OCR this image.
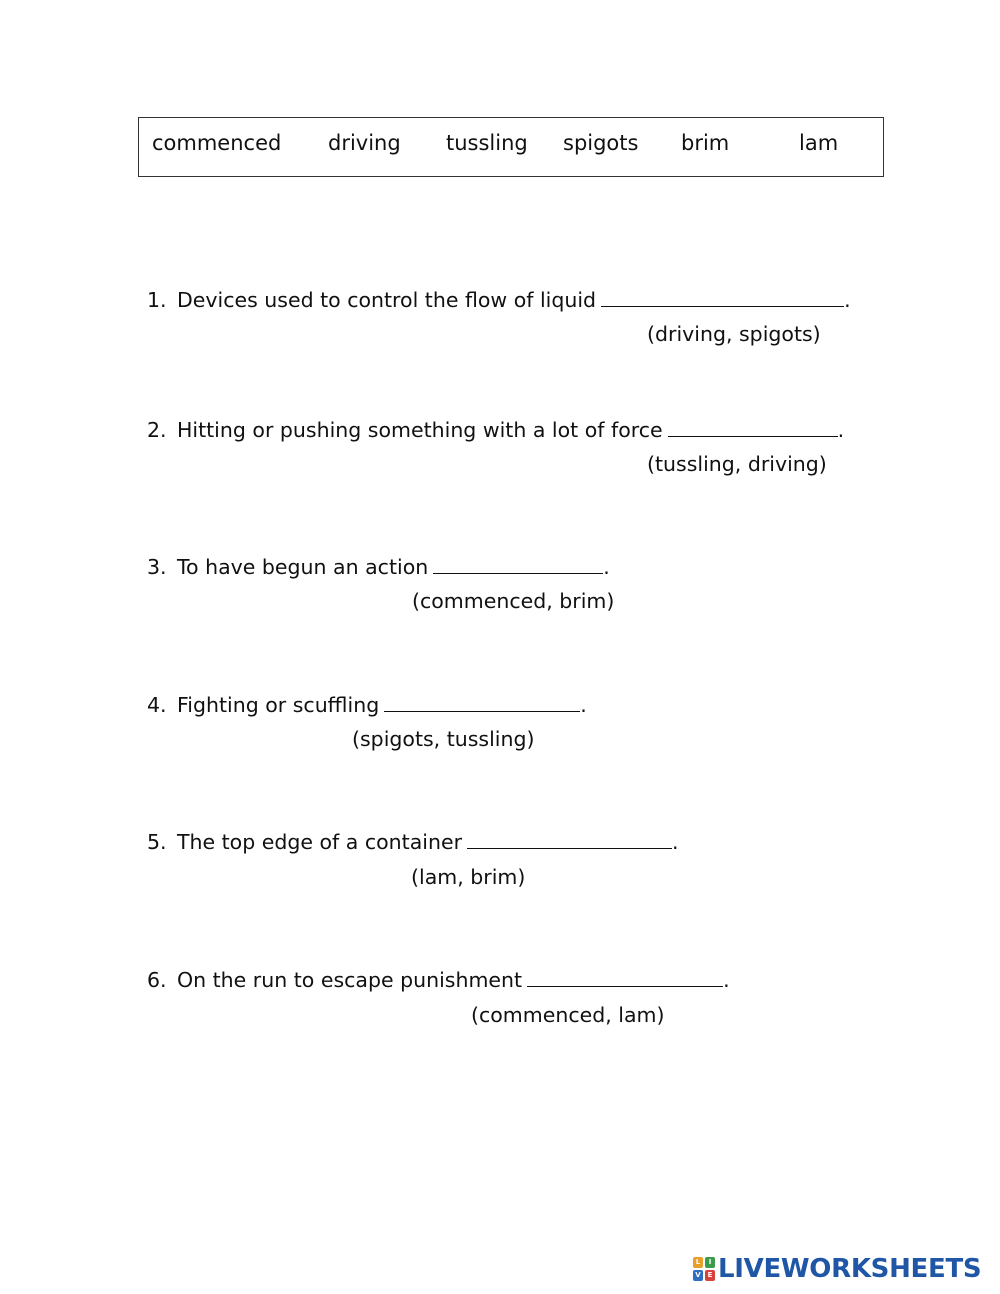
commenced driving tussling spigots brim	lam
1. Devices used to control the flow of liquid	.
(driving, spigots)
2. Hitting or pushing something with a lot of force	.
(tussling, driving)
3. To have begun an action	.
(commenced, brim)
4. Fighting or scuffling	.
(spigots, tussling)
5. The top edge of a container	.
(lam, brim)
6. On the run to escape punishment	.
(commenced, lam)
L	I
V E LIVEWORKSHEETS
